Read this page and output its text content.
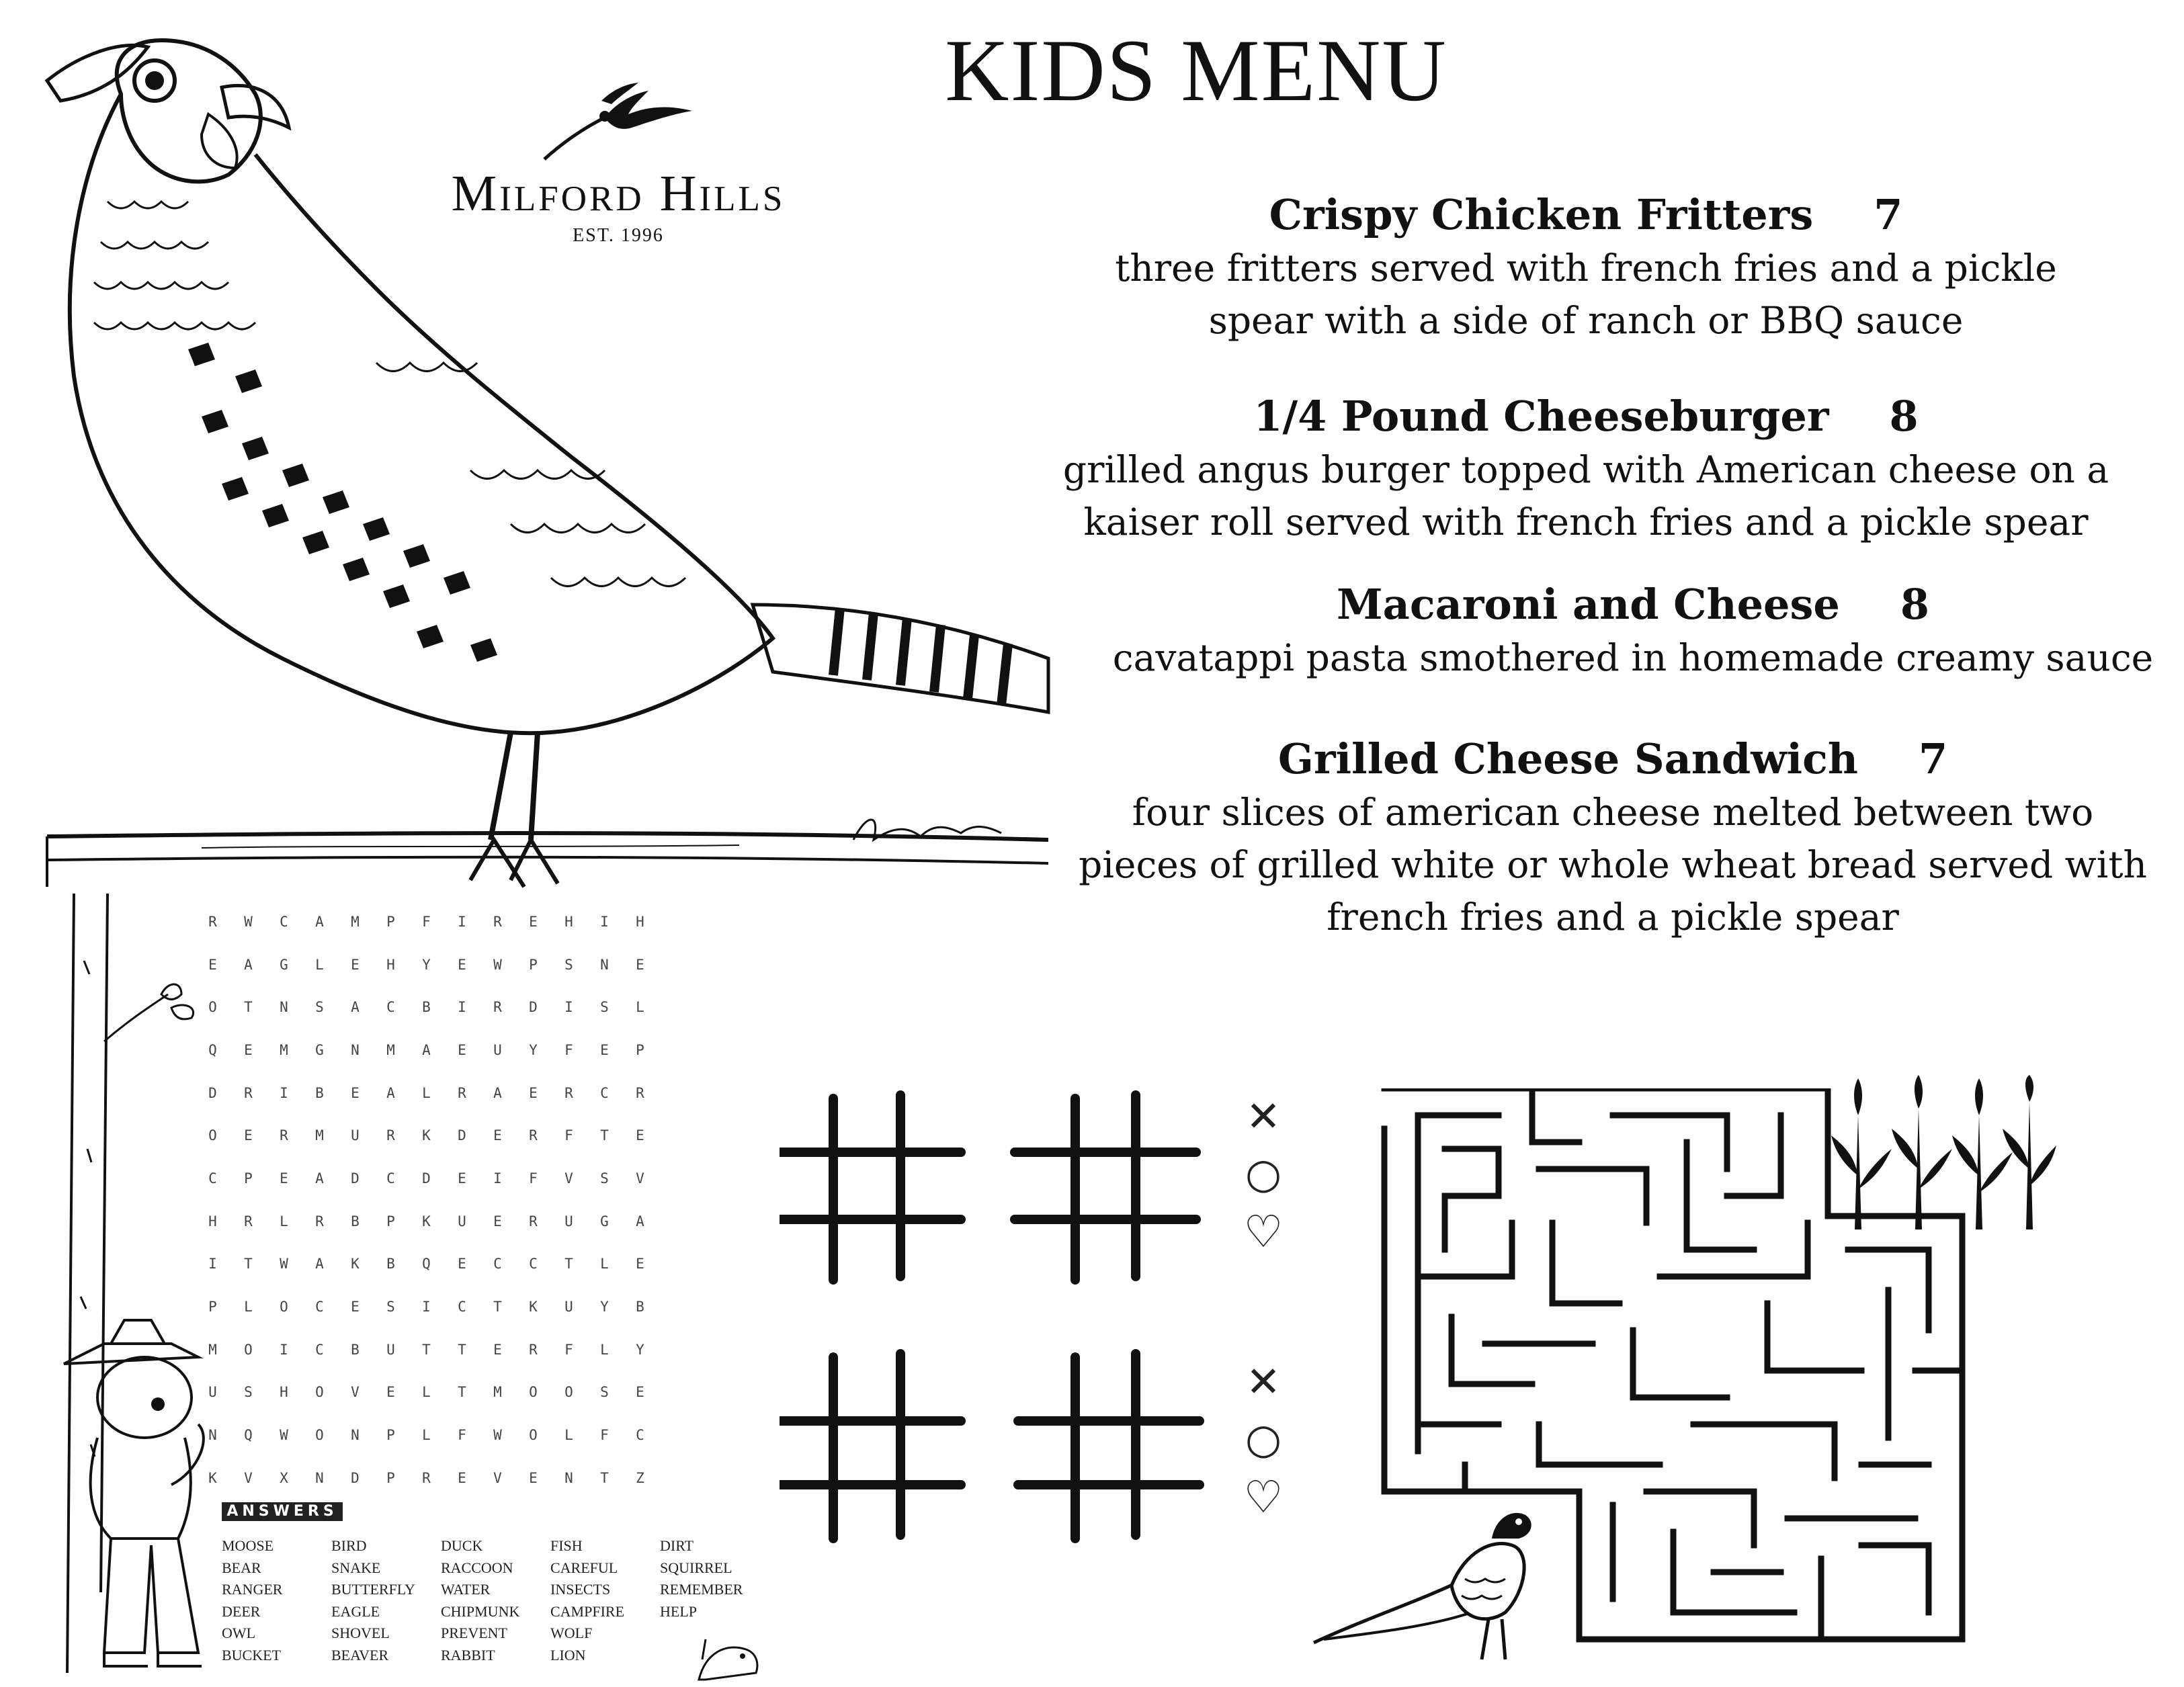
KIDS MENU
Milford Hills
EST. 1996	Crispy Chicken Fritters 7
three fritters served with french fries and a pickle
spear with a side of ranch or BBQ sauce
1/4 Pound Cheeseburger 8
grilled angus burger topped with American cheese on a
kaiser roll served with french fries and a pickle spear
Macaroni and Cheese 8
cavatappi pasta smothered in homemade creamy sauce
Grilled Cheese Sandwich 7
four slices of american cheese melted between two
pieces of grilled white or whole wheat bread served with
french fries and a pickle spear
R	W	C	A	M	P	F	I	R	E	H	I	H
E	A	G	L	E	H	Y	E	W	P	S	N	E
O	T	N	S	A	C	B	I	R	D	I	S	L
Q	E	M	G	N	M	A	E	U	Y	F	E	P
D	R	I	B	E	A	L	R	A	E	R	C	R
O	E	R	M	U	R	K	D	E	R	F	T	E
C	P	E	A	D	C	D	E	I	F	V	S	V
H	R	L	R	B	P	K	U	E	R	U	G	A
I	T	W	A	K	B	Q	E	C	C	T	L	E
P	L	O	C	E	S	I	C	T	K	U	Y	B
M	O	I	C	B	U	T	T	E	R	F	L	Y
U	S	H	O	V	E	L	T	M	O	O	S	E
N	Q	W	O	N	P	L	F	W	O	L	F	C
K	V	X	N	D	P	R	E	V	E	N	T	Z
ANSWERS
MOOSE
BEAR
RANGER
DEER
OWL
BUCKET
BIRD
SNAKE
BUTTERFLY
EAGLE
SHOVEL
BEAVER
DUCK
RACCOON
WATER
CHIPMUNK
PREVENT
RABBIT
FISH
CAREFUL
INSECTS
CAMPFIRE
WOLF
LION
DIRT
SQUIRREL
REMEMBER
HELP
✕
○
♡
✕
○
♡
